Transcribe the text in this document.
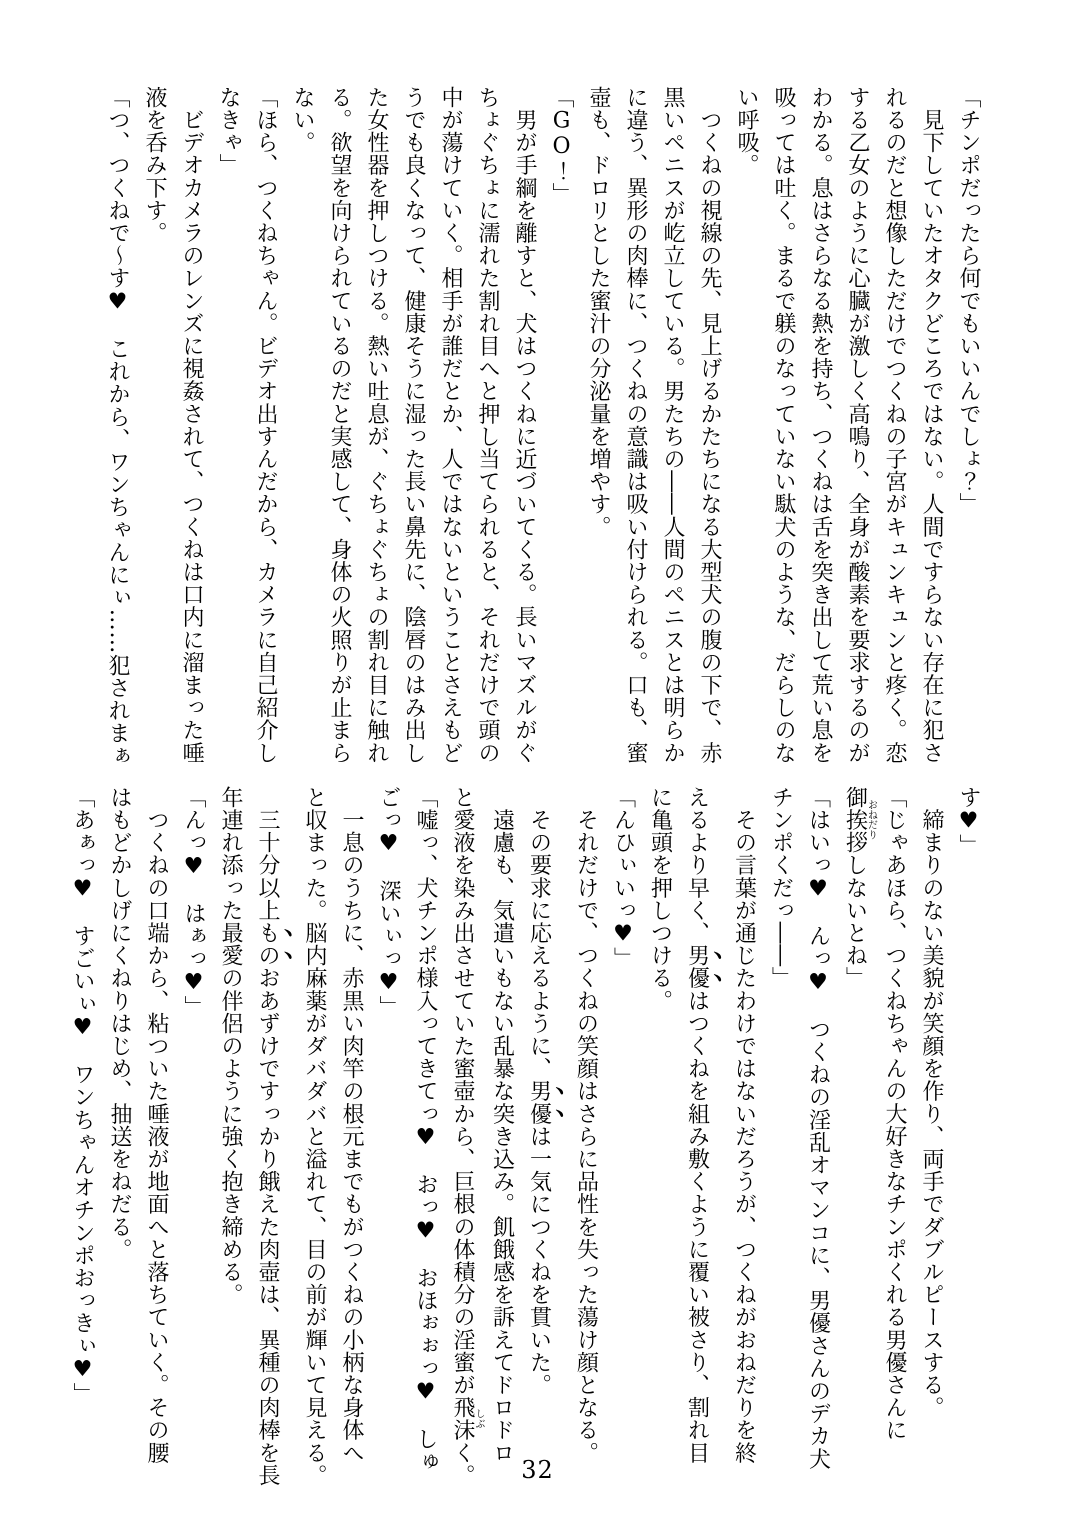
「チンポだったら何でもいいんでしょ？」

　見下していたオタクどころではない。人間ですらない存在に犯さ

れるのだと想像しただけでつくねの子宮がキュンキュンと疼く。恋

する乙女のように心臓が激しく高鳴り、全身が酸素を要求するのが

わかる。息はさらなる熱を持ち、つくねは舌を突き出して荒い息を

吸っては吐く。まるで躾のなっていない駄犬のような、だらしのな

い呼吸。

　つくねの視線の先、見上げるかたちになる大型犬の腹の下で、赤

黒いペニスが屹立している。男たちの――人間のペニスとは明らか

に違う、異形の肉棒に、つくねの意識は吸い付けられる。口も、蜜

壺も、ドロリとした蜜汁の分泌量を増やす。

「GO！」

　男が手綱を離すと、犬はつくねに近づいてくる。長いマズルがぐ

ちょぐちょに濡れた割れ目へと押し当てられると、それだけで頭の

中が蕩けていく。相手が誰だとか、人ではないということさえもど

うでも良くなって、健康そうに湿った長い鼻先に、陰唇のはみ出し

た女性器を押しつける。熱い吐息が、ぐちょぐちょの割れ目に触れ

る。欲望を向けられているのだと実感して、身体の火照りが止まら

ない。

「ほら、つくねちゃん。ビデオ出すんだから、カメラに自己紹介し

なきゃ」

　ビデオカメラのレンズに視姦されて、つくねは口内に溜まった唾

液を呑み下す。

「つ、つくねで〜す♥　これから、ワンちゃんにぃ……犯されまぁ

す♥」

　締まりのない美貌が笑顔を作り、両手でダブルピースする。

「じゃあほら、つくねちゃんの大好きなチンポくれる男優さんに

御挨拶おねだりしないとね」

「はいっ♥　んっ♥　つくねの淫乱オマンコに、男優さんのデカ犬

チンポくだっ――」

　その言葉が通じたわけではないだろうが、つくねがおねだりを終

えるより早く、男優はつくねを組み敷くように覆い被さり、割れ目

に亀頭を押しつける。

「んひぃいっ♥」

　それだけで、つくねの笑顔はさらに品性を失った蕩け顔となる。

　その要求に応えるように、男優は一気につくねを貫いた。

　遠慮も、気遣いもない乱暴な突き込み。飢餓感を訴えてドロドロ

と愛液を染み出させていた蜜壺から、巨根の体積分の淫蜜が飛沫しぶく。

「嘘っ、犬チンポ様入ってきてっ♥　おっ♥　おほぉぉっ♥　しゅ

ごっ♥　深いぃっ♥」

　一息のうちに、赤黒い肉竿の根元までもがつくねの小柄な身体へ

と収まった。脳内麻薬がダバダバと溢れて、目の前が輝いて見える。

　三十分以上ものおあずけですっかり餓えた肉壺は、異種の肉棒を長

年連れ添った最愛の伴侶のように強く抱き締める。

「んっ♥　はぁっ♥」

　つくねの口端から、粘ついた唾液が地面へと落ちていく。その腰

はもどかしげにくねりはじめ、抽送をねだる。

「あぁっ♥　すごいぃ♥　ワンちゃんオチンポおっきぃ♥」

32
